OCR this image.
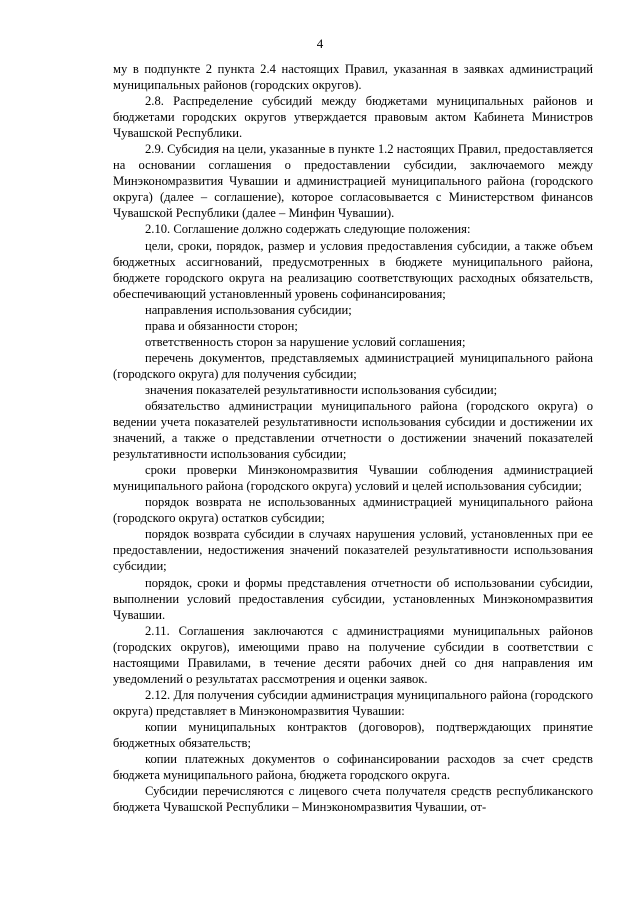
4

му в подпункте 2 пункта 2.4 настоящих Правил, указанная в заявках администраций муниципальных районов (городских округов).

2.8. Распределение субсидий между бюджетами муниципальных районов и бюджетами городских округов утверждается правовым актом Кабинета Министров Чувашской Республики.

2.9. Субсидия на цели, указанные в пункте 1.2 настоящих Правил, предоставляется на основании соглашения о предоставлении субсидии, заключаемого между Минэкономразвития Чувашии и администрацией муниципального района (городского округа) (далее – соглашение), которое согласовывается с Министерством финансов Чувашской Республики (далее – Минфин Чувашии).

2.10. Соглашение должно содержать следующие положения:

цели, сроки, порядок, размер и условия предоставления субсидии, а также объем бюджетных ассигнований, предусмотренных в бюджете муниципального района, бюджете городского округа на реализацию соответствующих расходных обязательств, обеспечивающий установленный уровень софинансирования;

направления использования субсидии;

права и обязанности сторон;

ответственность сторон за нарушение условий соглашения;

перечень документов, представляемых администрацией муниципального района (городского округа) для получения субсидии;

значения показателей результативности использования субсидии;

обязательство администрации муниципального района (городского округа) о ведении учета показателей результативности использования субсидии и достижении их значений, а также о представлении отчетности о достижении значений показателей результативности использования субсидии;

сроки проверки Минэкономразвития Чувашии соблюдения администрацией муниципального района (городского округа) условий и целей использования субсидии;

порядок возврата не использованных администрацией муниципального района (городского округа) остатков субсидии;

порядок возврата субсидии в случаях нарушения условий, установленных при ее предоставлении, недостижения значений показателей результативности использования субсидии;

порядок, сроки и формы представления отчетности об использовании субсидии, выполнении условий предоставления субсидии, установленных Минэкономразвития Чувашии.

2.11. Соглашения заключаются с администрациями муниципальных районов (городских округов), имеющими право на получение субсидии в соответствии с настоящими Правилами, в течение десяти рабочих дней со дня направления им уведомлений о результатах рассмотрения и оценки заявок.

2.12. Для получения субсидии администрация муниципального района (городского округа) представляет в Минэкономразвития Чувашии:

копии муниципальных контрактов (договоров), подтверждающих принятие бюджетных обязательств;

копии платежных документов о софинансировании расходов за счет средств бюджета муниципального района, бюджета городского округа.

Субсидии перечисляются с лицевого счета получателя средств республиканского бюджета Чувашской Республики – Минэкономразвития Чувашии, от-
